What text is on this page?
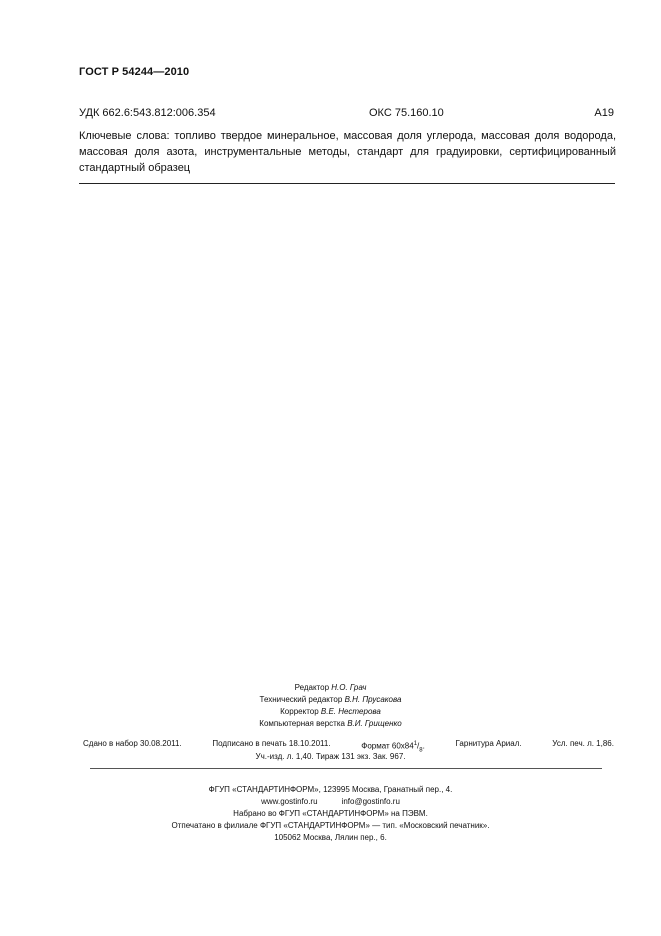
ГОСТ Р 54244—2010
УДК 662.6:543.812:006.354	ОКС 75.160.10	А19
Ключевые слова: топливо твердое минеральное, массовая доля углерода, массовая доля водорода, массовая доля азота, инструментальные методы, стандарт для градуировки, сертифицированный стандартный образец
Редактор Н.О. Грач
Технический редактор В.Н. Прусакова
Корректор В.Е. Нестерова
Компьютерная верстка В.И. Грищенко
Сдано в набор 30.08.2011.	Подписано в печать 18.10.2011.	Формат $60х84^1/_8$.	Гарнитура Ариал.	Усл. печ. л. 1,86.
Уч.-изд. л. 1,40. Тираж 131 экз. Зак. 967.
ФГУП «СТАНДАРТИНФОРМ», 123995 Москва, Гранатный пер., 4.
www.gostinfo.ru	info@gostinfo.ru
Набрано во ФГУП «СТАНДАРТИНФОРМ» на ПЭВМ.
Отпечатано в филиале ФГУП «СТАНДАРТИНФОРМ» — тип. «Московский печатник».
105062 Москва, Лялин пер., 6.
